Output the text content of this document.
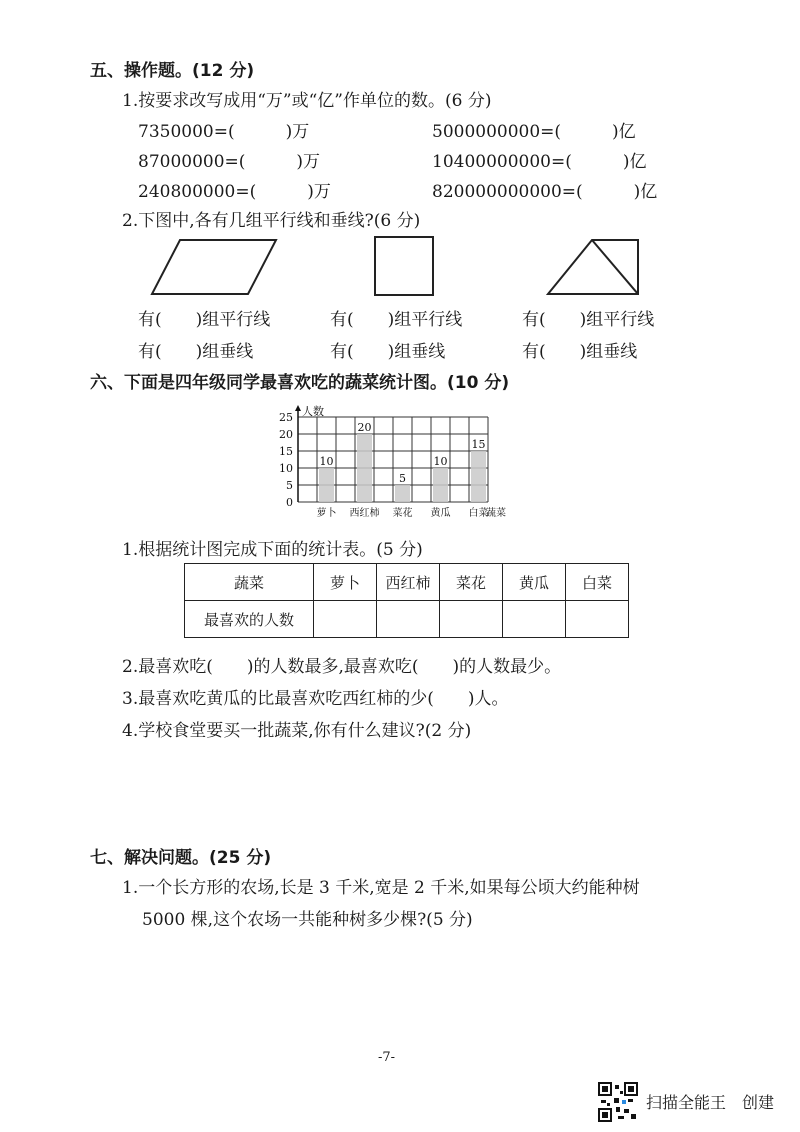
五、操作题。(12 分)
1.按要求改写成用“万”或“亿”作单位的数。(6 分)
7350000=(　　　)万	5000000000=(　　　)亿
87000000=(　　　)万	10400000000=(　　　)亿
240800000=(　　　)万	820000000000=(　　　)亿
2.下图中,各有几组平行线和垂线?(6 分)
有(　　)组平行线	有(　　)组平行线	有(　　)组平行线
有(　　)组垂线	有(　　)组垂线	有(　　)组垂线
六、下面是四年级同学最喜欢吃的蔬菜统计图。(10 分)
人数
0
5
10
15
20
25
10
20
5
10
15
萝卜 西红柿 菜花 黄瓜 白菜
蔬菜
1.根据统计图完成下面的统计表。(5 分)
蔬菜	萝卜	西红柿	菜花	黄瓜	白菜
最喜欢的人数					
2.最喜欢吃(　　)的人数最多,最喜欢吃(　　)的人数最少。
3.最喜欢吃黄瓜的比最喜欢吃西红柿的少(　　)人。
4.学校食堂要买一批蔬菜,你有什么建议?(2 分)
七、解决问题。(25 分)
1.一个长方形的农场,长是 3 千米,宽是 2 千米,如果每公顷大约能种树
5000 棵,这个农场一共能种树多少棵?(5 分)
-7-
扫描全能王　创建
